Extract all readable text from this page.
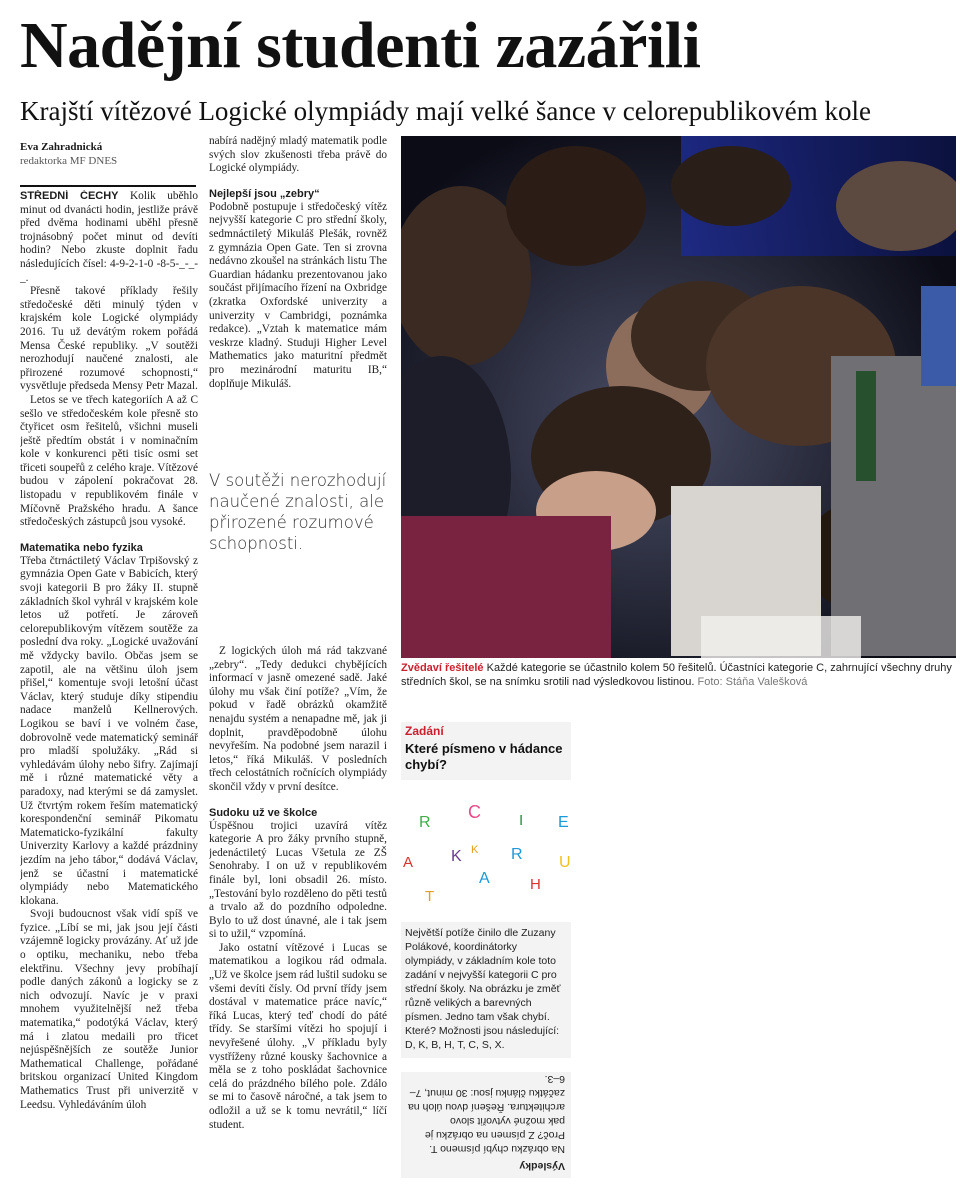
Nadějní studenti zazářili
Krajští vítězové Logické olympiády mají velké šance v celorepublikovém kole
Eva Zahradnická
redaktorka MF DNES

STŘEDNÍ ČECHY Kolik uběhlo minut od dvanácti hodin, jestliže právě před dvěma hodinami uběhl přesně trojnásobný počet minut od devíti hodin? Nebo zkuste doplnit řadu následujících čísel: 4-9-2-1-0 -8-5-_-_-_.

Přesně takové příklady řešily středočeské děti minulý týden v krajském kole Logické olympiády 2016. Tu už devátým rokem pořádá Mensa České republiky. „V soutěži nerozhodují naučené znalosti, ale přirozené rozumové schopnosti,“ vysvětluje předseda Mensy Petr Mazal.

Letos se ve třech kategoriích A až C sešlo ve středočeském kole přesně sto čtyřicet osm řešitelů, všichni museli ještě předtím obstát i v nominačním kole v konkurenci pěti tisíc osmi set třiceti soupeřů z celého kraje. Vítězové budou v zápolení pokračovat 28. listopadu v republikovém finále v Míčovně Pražského hradu. A šance středočeských zástupců jsou vysoké.

Matematika nebo fyzika

Třeba čtrnáctiletý Václav Trpišovský z gymnázia Open Gate v Babicích, který svoji kategorii B pro žáky II. stupně základních škol vyhrál v krajském kole letos už potřetí. Je zároveň celorepublikovým vítězem soutěže za poslední dva roky. „Logické uvažování mě vždycky bavilo. Občas jsem se zapotil, ale na většinu úloh jsem přišel,“ komentuje svoji letošní účast Václav, který studuje díky stipendiu nadace manželů Kellnerových. Logikou se baví i ve volném čase, dobrovolně vede matematický seminář pro mladší spolužáky. „Rád si vyhledávám úlohy nebo šifry. Zajímají mě i různé matematické věty a paradoxy, nad kterými se dá zamyslet. Už čtvrtým rokem řeším matematický korespondenční seminář Pikomatu Matematicko-fyzikální fakulty Univerzity Karlovy a každé prázdniny jezdím na jeho tábor,“ dodává Václav, jenž se účastní i matematické olympiády nebo Matematického klokana.

Svoji budoucnost však vidí spíš ve fyzice. „Líbí se mi, jak jsou její části vzájemně logicky provázány. Ať už jde o optiku, mechaniku, nebo třeba elektřinu. Všechny jevy probíhají podle daných zákonů a logicky se z nich odvozují. Navíc je v praxi mnohem využitelnější než třeba matematika,“ podotýká Václav, který má i zlatou medaili pro třicet nejúspěšnějších ze soutěže Junior Mathematical Challenge, pořádané britskou organizací United Kingdom Mathematics Trust při univerzitě v Leedsu. Vyhledáváním úloh

nabírá nadějný mladý matematik podle svých slov zkušenosti třeba právě do Logické olympiády.

Nejlepší jsou „zebry“

Podobně postupuje i středočeský vítěz nejvyšší kategorie C pro střední školy, sedmnáctiletý Mikuláš Plešák, rovněž z gymnázia Open Gate. Ten si zrovna nedávno zkoušel na stránkách listu The Guardian hádanku prezentovanou jako součást přijímacího řízení na Oxbridge (zkratka Oxfordské univerzity a univerzity v Cambridgi, poznámka redakce). „Vztah k matematice mám veskrze kladný. Studuji Higher Level Mathematics jako maturitní předmět pro mezinárodní maturitu IB,“ doplňuje Mikuláš.

V soutěži nerozhodují naučené znalosti, ale přirozené rozumové schopnosti.

Z logických úloh má rád takzvané „zebry“. „Tedy dedukci chybějících informací v jasně omezené sadě. Jaké úlohy mu však činí potíže? „Vím, že pokud v řadě obrázků okamžitě nenajdu systém a nenapadne mě, jak ji doplnit, pravděpodobně úlohu nevyřeším. Na podobné jsem narazil i letos,“ říká Mikuláš. V posledních třech celostátních ročnících olympiády skončil vždy v první desítce.

Sudoku už ve školce

Úspěšnou trojici uzavírá vítěz kategorie A pro žáky prvního stupně, jedenáctiletý Lucas Všetula ze ZŠ Senohraby. I on už v republikovém finále byl, loni obsadil 26. místo. „Testování bylo rozděleno do pěti testů a trvalo až do pozdního odpoledne. Bylo to už dost únavné, ale i tak jsem si to užil,“ vzpomíná.

Jako ostatní vítězové i Lucas se matematikou a logikou rád odmala. „Už ve školce jsem rád luštil sudoku se všemi devíti čísly. Od první třídy jsem dostával v matematice práce navíc,“ říká Lucas, který teď chodí do páté třídy. Se staršími vítězi ho spojují i nevyřešené úlohy. „V příkladu byly vystříženy různé kousky šachovnice a měla se z toho poskládat šachovnice celá do prázdného bílého pole. Zdálo se mi to časově náročné, a tak jsem to odložil a už se k tomu nevrátil,“ líčí student.

Zvědaví řešitelé Každé kategorie se účastnilo kolem 50 řešitelů. Účastníci kategorie C, zahrnující všechny druhy středních škol, se na snímku srotili nad výsledkovou listinou. Foto: Stáňa Valešková
Zadání
Které písmeno v hádance chybí?
C	I E
R
K
A K	R U
A	H
T
Největší potíže činilo dle Zuzany Polákové, koordinátorky olympiády, v základním kole toto zadání v nejvyšší kategorii C pro střední školy. Na obrázku je změť různě velikých a barevných písmen. Jedno tam však chybí. Které? Možnosti jsou následující: D, K, B, H, T, C, S, X.
Výsledky
Na obrázku chybí písmeno T. Proč? Z písmen na obrázku je pak možné vytvořit slovo architektura. Řešení dvou úloh na začátku článku jsou: 30 minut, 7–6–3.
